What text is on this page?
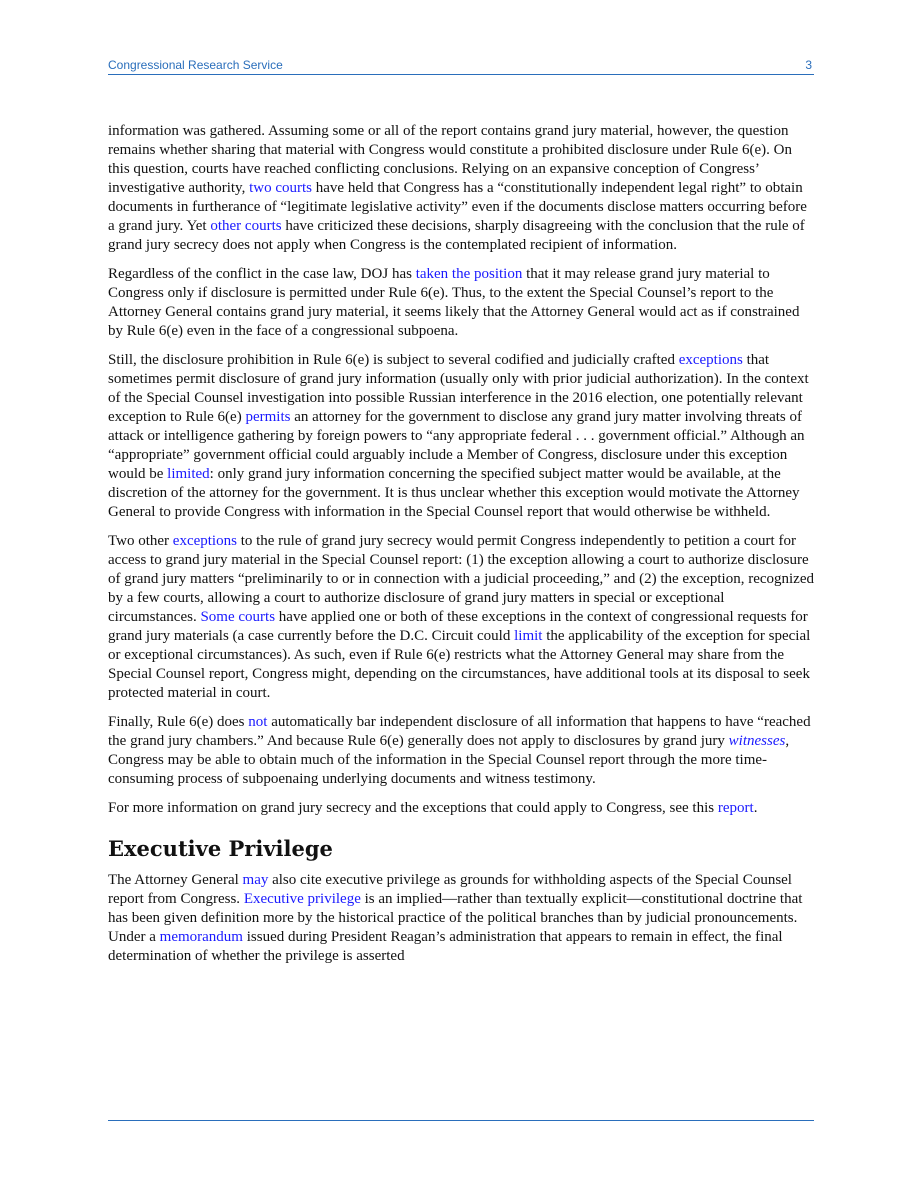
Congressional Research Service	3

information was gathered. Assuming some or all of the report contains grand jury material, however, the question remains whether sharing that material with Congress would constitute a prohibited disclosure under Rule 6(e). On this question, courts have reached conflicting conclusions. Relying on an expansive conception of Congress’ investigative authority, two courts have held that Congress has a “constitutionally independent legal right” to obtain documents in furtherance of “legitimate legislative activity” even if the documents disclose matters occurring before a grand jury. Yet other courts have criticized these decisions, sharply disagreeing with the conclusion that the rule of grand jury secrecy does not apply when Congress is the contemplated recipient of information.

Regardless of the conflict in the case law, DOJ has taken the position that it may release grand jury material to Congress only if disclosure is permitted under Rule 6(e). Thus, to the extent the Special Counsel’s report to the Attorney General contains grand jury material, it seems likely that the Attorney General would act as if constrained by Rule 6(e) even in the face of a congressional subpoena.

Still, the disclosure prohibition in Rule 6(e) is subject to several codified and judicially crafted exceptions that sometimes permit disclosure of grand jury information (usually only with prior judicial authorization). In the context of the Special Counsel investigation into possible Russian interference in the 2016 election, one potentially relevant exception to Rule 6(e) permits an attorney for the government to disclose any grand jury matter involving threats of attack or intelligence gathering by foreign powers to “any appropriate federal . . . government official.” Although an “appropriate” government official could arguably include a Member of Congress, disclosure under this exception would be limited: only grand jury information concerning the specified subject matter would be available, at the discretion of the attorney for the government. It is thus unclear whether this exception would motivate the Attorney General to provide Congress with information in the Special Counsel report that would otherwise be withheld.

Two other exceptions to the rule of grand jury secrecy would permit Congress independently to petition a court for access to grand jury material in the Special Counsel report: (1) the exception allowing a court to authorize disclosure of grand jury matters “preliminarily to or in connection with a judicial proceeding,” and (2) the exception, recognized by a few courts, allowing a court to authorize disclosure of grand jury matters in special or exceptional circumstances. Some courts have applied one or both of these exceptions in the context of congressional requests for grand jury materials (a case currently before the D.C. Circuit could limit the applicability of the exception for special or exceptional circumstances). As such, even if Rule 6(e) restricts what the Attorney General may share from the Special Counsel report, Congress might, depending on the circumstances, have additional tools at its disposal to seek protected material in court.

Finally, Rule 6(e) does not automatically bar independent disclosure of all information that happens to have “reached the grand jury chambers.” And because Rule 6(e) generally does not apply to disclosures by grand jury witnesses, Congress may be able to obtain much of the information in the Special Counsel report through the more time-consuming process of subpoenaing underlying documents and witness testimony.

For more information on grand jury secrecy and the exceptions that could apply to Congress, see this report.

Executive Privilege

The Attorney General may also cite executive privilege as grounds for withholding aspects of the Special Counsel report from Congress. Executive privilege is an implied—rather than textually explicit—constitutional doctrine that has been given definition more by the historical practice of the political branches than by judicial pronouncements. Under a memorandum issued during President Reagan’s administration that appears to remain in effect, the final determination of whether the privilege is asserted
